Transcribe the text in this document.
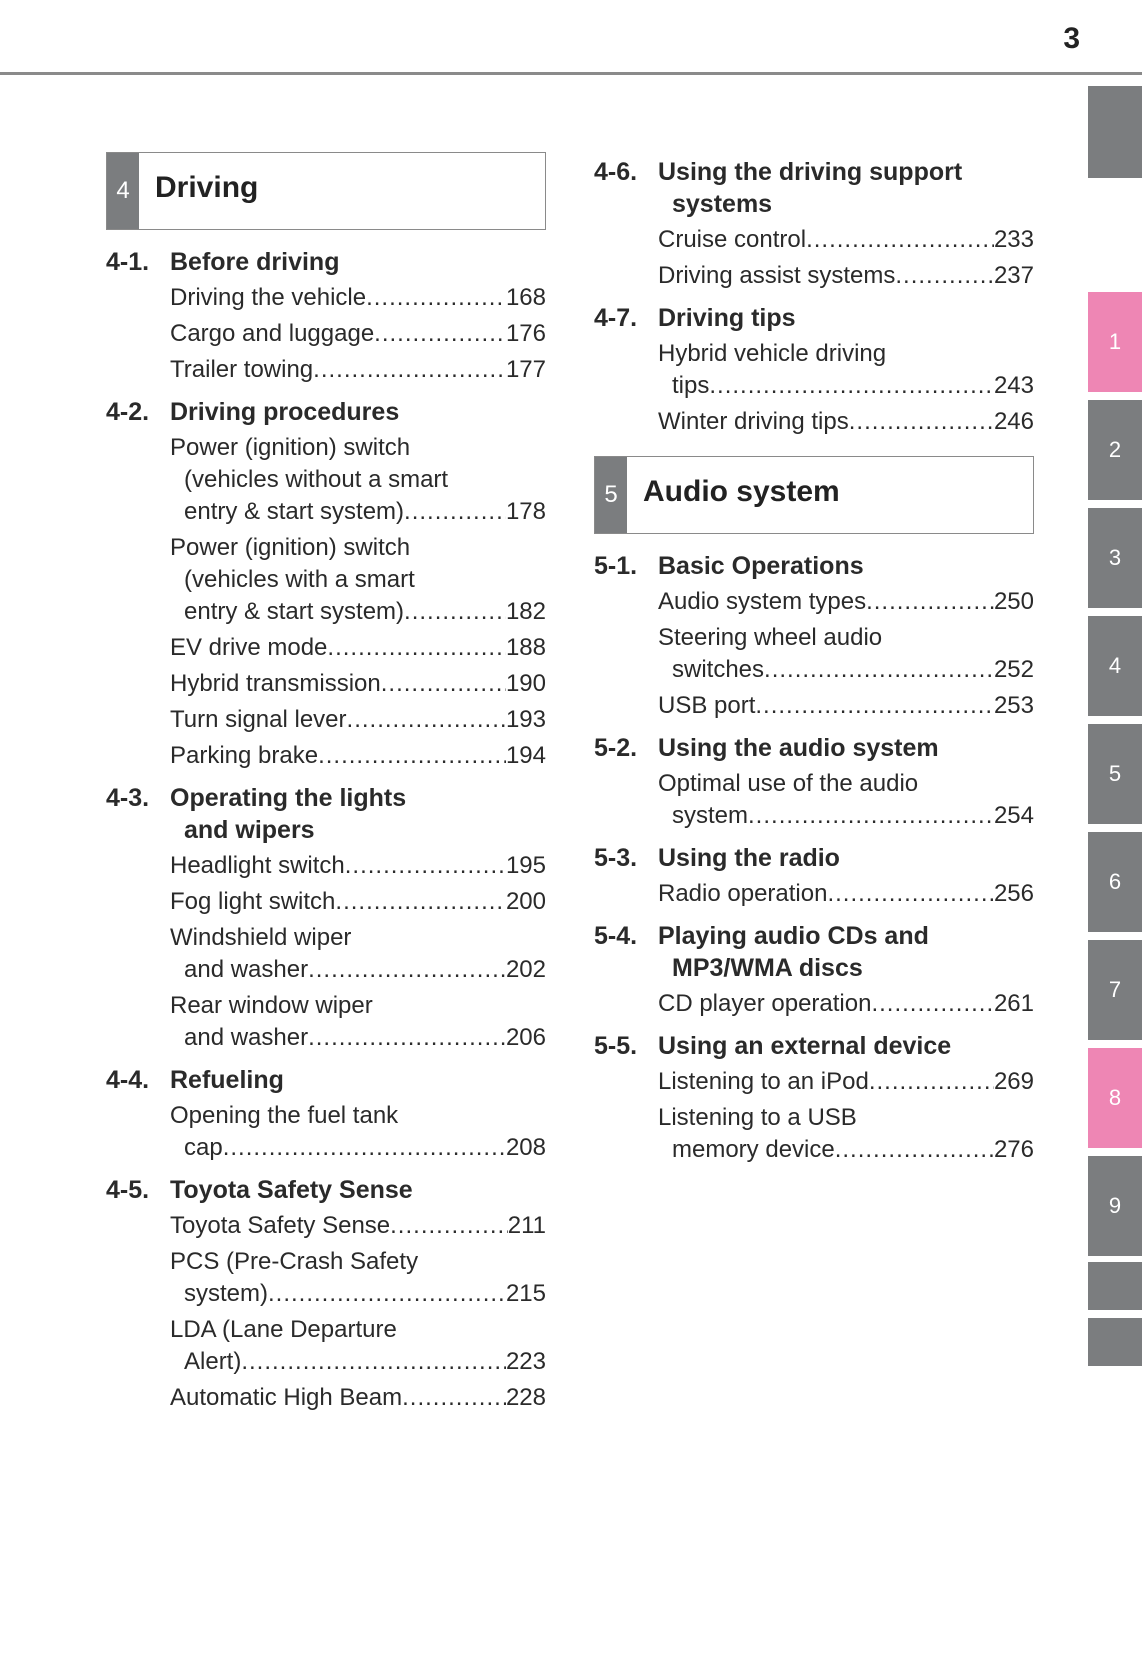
3
1
2
3
4
5
6
7
8
9
4 Driving
4-1. Before driving
Driving the vehicle .....	168
Cargo and luggage .....	176
Trailer towing .....	177
4-2. Driving procedures
Power (ignition) switch
(vehicles without a smart
entry & start system) .....	178
Power (ignition) switch
(vehicles with a smart
entry & start system) .....	182
EV drive mode .....	188
Hybrid transmission .....	190
Turn signal lever .....	193
Parking brake .....	194
4-3. Operating the lights
and wipers
Headlight switch .....	195
Fog light switch .....	200
Windshield wiper
and washer .....	202
Rear window wiper
and washer .....	206
4-4. Refueling
Opening the fuel tank
cap .....	208
4-5. Toyota Safety Sense
Toyota Safety Sense .....	211
PCS (Pre-Crash Safety
system) .....	215
LDA (Lane Departure
Alert) .....	223
Automatic High Beam .....	228
4-6. Using the driving support
systems
Cruise control .....	233
Driving assist systems .....	237
4-7. Driving tips
Hybrid vehicle driving
tips .....	243
Winter driving tips .....	246
5 Audio system
5-1. Basic Operations
Audio system types .....	250
Steering wheel audio
switches .....	252
USB port .....	253
5-2. Using the audio system
Optimal use of the audio
system .....	254
5-3. Using the radio
Radio operation .....	256
5-4. Playing audio CDs and
MP3/WMA discs
CD player operation .....	261
5-5. Using an external device
Listening to an iPod .....	269
Listening to a USB
memory device .....	276
